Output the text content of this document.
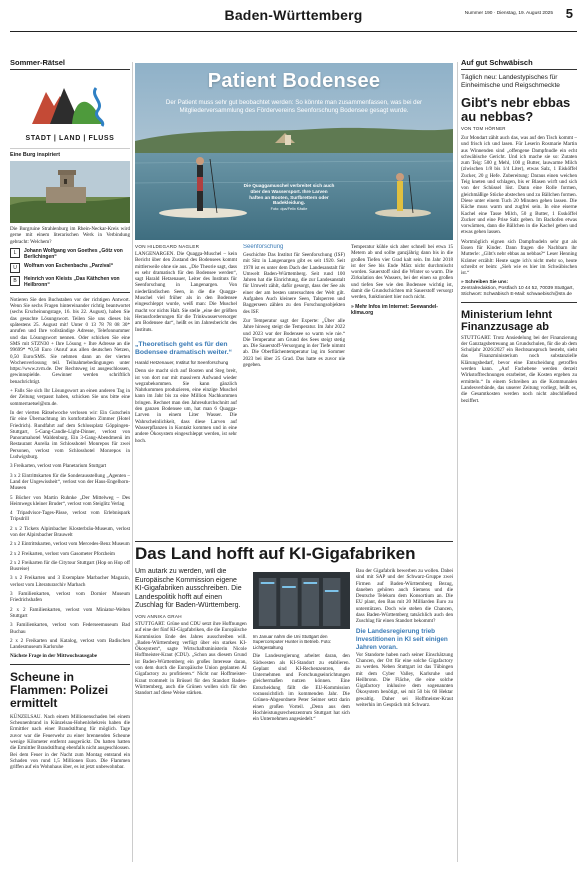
Baden-Württemberg	Nummer 190 · Dienstag, 19. August 2025 5
Sommer-Rätsel
STADT | LAND | FLUSS
Eine Burg inspiriert

Die Burgruine Strahlenburg im Rhein-Neckar-Kreis wird gerne mit einem literarischen Werk in Verbindung gebracht: Welchem?

L	Johann Wolfgang von Goethes „Götz von Berlichingen“
U	Wolfram von Eschenbachs „Parzival“
B	Heinrich von Kleists „Das Käthchen von Heilbronn“

Notieren Sie den Buchstaben vor der richtigen Antwort. Wenn Sie sechs Fragen hintereinander richtig beantwortet (sechs Erscheinungstage, 16. bis 22. August), haben Sie das gesuchte Lösungswort. Teilen Sie uns dieses bis spätestens 25. August mit! Unter 0 13 78 78 08 30* anrufen und Ihre vollständige Adresse, Telefonnummer und das Lösungswort nennen. Oder schicken Sie eine SMS mit STZN30 + Ihre Lösung + Ihre Adresse an die 99699* *0,50 Euro /Anruf aus allen deutschen Netzen, 0,50 Euro/SMS. Sie nehmen dann an der vierten Wochenverlosung teil. Teilnahmebedingungen unter https://www.zvm.de. Der Rechtsweg ist ausgeschlossen, gewinnspielde. Gewinner werden schriftlich benachrichtigt.

+ Falls Sie sich Ihr Lösungswort an einen anderen Tag in der Zeitung verpasst haben, schicken Sie uns bitte eine sommerraetsel@stn.de.

In der vierten Rätselwoche verlosen wir: Ein Gutschein für eine Übernachtung im komfortablen Zimmer (Hotel Friedrich). Rundfahrt auf dem Schlossplatz Göppingen-Stuttgart, 5-Gang-Candle-Light-Dinner, verlost von Panoramahotel Waldenburg. Ein 3-Gang-Abendmenü im Restaurant Aurelia im Schlosshotel Monrepos für zwei Personen, verlost vom Schlosshotel Monrepos in Ludwigsburg.

3 Freikarten, verlost vom Planetarium Stuttgart

3 x 2 Eintrittskarten für die Sonderausstellung „Agenten – Land der Ungewissheit“, verlost von der Haus-Engelhorn-Museen

5 Bücher von Martin Ruhnke „Der Mittelweg – Des Heimwegs kleiner Bruder“, verlost vom Steiglitz Verlag

4 Tripadvisor-Tages-Pässe, verlost vom Erlebnispark Tripsdrill

2 x 2 Tickets Alpirsbacher Klosterbräu-Museum, verlost von der Alpirsbacher Brauwelt

2 x 2 Eintrittskarten, verlost vom Mercedes-Benz Museum

2 x 2 Freikarten, verlost vom Gasometer Pforzheim

2 x 2 Freikarten für die Citytour Stuttgart (Hop on Hop off Busreise)

3 x 2 Freikarten und 3 Exemplare Marbacher Magazin, verlost vom Literaturarchiv Marbach

3 Familienkarten, verlost vom Dornier Museum Friedrichshafen

2 x 2 Familienkarten, verlost vom Miniatur-Welten Stuttgart

3 Familienkarten, verlost vom Federseemuseum Bad Buchau

2 x 2 Freikarten und Katalog, verlost vom Badischen Landesmuseum Karlsruhe

Nächste Frage in der Mittwochsausgabe

Scheune in Flammen: Polizei ermittelt

KÜNZELSAU. Nach einem Millionenschaden bei einem Scheunenbrand in Künzelsau-Hohenlohekreis haben die Ermittler nach einer Brandstiftung für möglich. Tage zuvor war die Feuerwehr zu einer brennenden Scheune wenige Kilometer entfernt ausgerückt. Du hatten hatten die Ermittler Brandstiftung ebenfalls nicht ausgeschlossen. Bei dem Feuer in der Nacht zum Montag entstand ein Schaden von rund 1,5 Millionen Euro. Die Flammen griffen auf ein Wohnhaus über, es ist jetzt unbewohnbar.

Patient Bodensee
Der Patient muss sehr gut beobachtet werden: So könnte man zusammenfassen, was bei der Mitgliederversammlung des Fördervereins Seenforschung Bodensee gesagt wurde.
Die Quaggamuschel verbreitet sich auch über den Wassersport. Ihre Larven haften an Booten, Surfbrettern oder Badekleidung.
Foto: dpa/Felix Kästle
VON HILDEGARD NAGLER

LANGENARGEN. Die Quagga-Muschel – kein Bericht über den Zustand des Bodensees kommt mittlerweile ohne sie aus. „Die Theorie sagt, dass es sehr dramatisch für den Bodensee werden“, sagt Harald Hetzenauer, Leiter des Instituts für Seenforschung in Langenargen. Von niederländischen Seen, in die die Quagga-Muschel viel früher als in den Bodensee eingeschleppt wurde, weiß man: Die Muschel macht vor nichts Halt. Sie stelle „eine der größten Herausforderungen für die Trinkwasserversorger am Bodensee dar“, heißt es im Jahresbericht des Instituts.

„Theoretisch geht es für den Bodensee dramatisch weiter.“
Harald Hetzenauer, Institut für Seenforschung

Denn sie macht sich auf Booten und Steg breit, ist von dort nur mit massivem Aufwand wieder wegzubekommen. Sie kann gänzlich Nahrkommen produzieren, eine einzige Muschel kann im Jahr bis zu eine Million Nachkommen bringen. Rechnet man den Jahresdurchschnitt auf den ganzen Bodensee um, hat man 6 Quagga-Larven in einem Liter Wasser. Die Wahrscheinlichkeit, dass diese Larven auf Wasserpflanzen in Kontakt kommen und in eine andere Ökosystem eingeschleppt werden, ist sehr hoch.

Seenforschung

Geschichte Das Institut für Seenforschung (ISF) mit Sitz in Langenargen gibt es seit 1920. Seit 1978 ist es unter dem Dach der Landesanstalt für Umwelt Baden-Württemberg. Seit rund 100 Jahren hat die Einrichtung, die zur Landesanstalt für Umwelt zählt, dafür gesorgt, dass der See als einer der am besten untersuchten der Welt gilt. Aufgaben Auch kleinere Seen, Talsperren und Baggerseen zählen zu den Forschungsobjekten des ISF.

Zur Temperatur sagt der Experte: „Über alle Jahre hinweg steigt die Temperatur. Im Jahr 2022 und 2023 war der Bodensee so warm wie nie.“ Die Temperatur am Grund des Sees steigt stetig an. Die Sauerstoff-Versorgung in der Tiefe nimmt ab. Die Oberflächentemperatur lag im Sommer 2023 bei über 25 Grad. Das hatte es zuvor nie gegeben.

Temperatur kühle sich aber schnell bei etwa 15 Metern ab und sollte ganzjährig dann bis in die großen Tiefen vier Grad kalt sein. Im Jahr 2018 ist der See bis Ende März nicht durchmischt worden. Sauerstoff sind die Winter so warm. Die Zirkulation des Wassers, bei der einen so großen und tiefen See wie den Bodensee wichtig ist, damit die Grundschichten mit Sauerstoff versorgt werden, funktioniert hier noch nicht.

» Mehr Infos im Internet: Seewandel-klima.org
Das Land hofft auf KI-Gigafabriken

Um autark zu werden, will die Europäische Kommission eigene KI-Gigafabriken ausschreiben. Die Landespolitik hofft auf einen Zuschlag für Baden-Württemberg.

VON ANNIKA GRAH

STUTTGART. Grüne und CDU setzt ihre Hoffnungen auf eine der fünf KI-Gigafabriken, die die Europäische Kommission Ende des Jahres ausschreiben will. „Baden-Württemberg verfügt über ein starkes KI-Ökosystem“, sagte Wirtschaftsministerin Nicole Hoffmeister-Kraut (CDU). „Schon aus diesem Grund ist Baden-Württemberg ein großes Interesse daran, von dem durch die Europäische Union geplanten AI Gigafactory zu profitieren.“ Nicht nur Hoffmeister-Kraut trommelt in Brüssel für den Standort Baden-Württemberg, auch die Grünen wollen sich für den Standort auf diese Weise stärken.

Im Januar nahm die Uni Stuttgart den Supercomputer Hunter in Betrieb. Foto: Lichtgestaltung

Die Landesregierung arbeitet daran, den Südwesten als KI-Standort zu etablieren. Geplant sind KI-Rechenzentren, die Unternehmen und Forschungseinrichtungen gleichermaßen nutzen können. Eine Entscheidung fällt die EU-Kommission voraussichtlich im kommenden Jahr. Die Grünen-Abgeordnete Peter Seimer setzt darin einen großen Vorteil. „Denn aus dem Hochleistungsrechenzentrum Stuttgart hat sich ein Unternehmen angesiedelt.“

Bau der Gigafabrik bewerben zu wollen. Dabei sind mit SAP und der Schwarz-Gruppe zwei Firmen auf Baden-Württemberg Bezug, daneben gehören auch Siemens und die Deutsche Telekom dem Konsortium an. Die EU plant, den Bau mit 20 Milliarden Euro zu unterstützen. Doch wie stehen die Chancen, dass Baden-Württemberg tatsächlich auch den Zuschlag für einen Standort bekommt?

Die Landesregierung trieb Investitionen in KI seit einigen Jahren voran.

Vor Standorte haben nach seiner Einschätzung Chancen, der Ort für eine solche Gigafactory zu werden. Neben Stuttgart ist das Tübingen mit dem Cyber Valley, Karlsruhe und Heilbronn. Die Fläche, die eine solche Gigafactory inklusive dem sogenannten Ökosystem benötigt, sei mit 50 bis 60 Hektar gewaltig. Daher sei Hoffmeister-Kraut weiterhin im Gespräch mit Schwarz.

Auf gut Schwäbisch
Täglich neu: Landestypisches für Einheimische und Reigschmeckte
Gibt's nebr ebbas au nebbas?
VON TOM HÖRNER

Zur Mondart zählt auch das, was auf den Tisch kommt – und frisch ich und lasen. Für Leserin Rosmarie Martin aus Winnenden sind „offengene Dampfnudle ein echt schwäbische Gericht. Und ich mache sie so: Zutaten zum Teig: 500 g Mehl, 100 g Butter, lauwarme Milch (ziwischen 1/8 bis 1/4 Liter), etwas Salz, 1 Eisköffel Zucker, 20 g Hefe. Zubereitung: Daraus einen weichen Teig kneten und schlagen, bis er Blasen wirft und sich von der Schüssel löst. Dann eine Rolle formen, gleichmäßige Stücke abstechen und zu Bällchen formen. Diese unter einem Tuch 20 Minuten gehen lassen. Die Küche muss warm und zugfrei sein. In eine eiserne Kachel eine Tasse Milch, 50 g Butter, 1 Essköffel Zucker und eine Prise Salz geben. Im Backofen etwas vorwärmen, dann die Bällchen in die Kachel geben und etwas gehen lassen.

Wortmöglich eignen sich Dampfnudeln sehr gut als Essen für Kinder. Dann fragen die Nachbarn ihr Mutterle: „Gibt's nebr ebbas au nebbas?“ Leser Henning Krämer erzählt: Heute sagte ich's nicht mehr so, heute schreibt er beim: „Sieh wie es hier im Schwäbischen ist.“

» Schreiben Sie uns:
Zentralredaktion, Postfach 10 44 52, 70039 Stuttgart, Stichwort: Schwäbisch E-Mail: schwaebisch@stn.de
Ministerium lehnt Finanzzusage ab

STUTTGART. Trotz Ansiedelung bei der Finanzierung der Ganztagsbetreuung an Grundschulen, für die ab dem Schuljahr 2026/2027 ein Rechtsanspruch besteht, sieht das Finanzministerium noch substanzielle Klärungsbedarf, bevor eine Entscheidung getroffen werden kann. „Auf Fachebene werden derzeit Wirkstoffrechnungen erarbeitet, die Kosten ergeben zu ermitteln.“ In einem Schreiben an die Kommunalen Landesverbände, das unserer Zeitung vorliegt, heißt es, die Gesamtkosten werden noch nicht abschließend beziffert.
